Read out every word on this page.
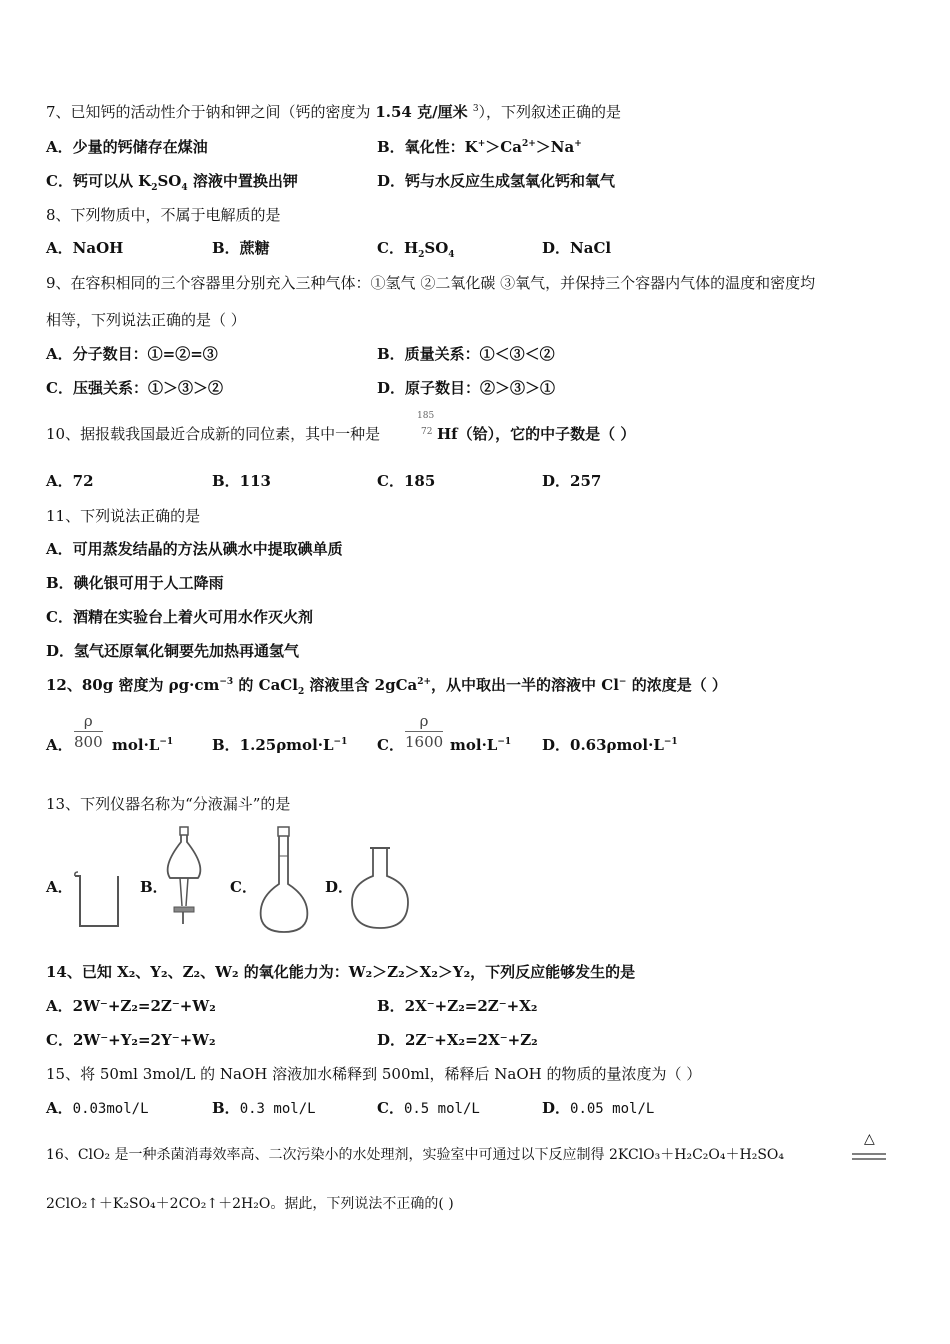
7、已知钙的活动性介于钠和钾之间（钙的密度为 1.54 克/厘米 $^3$），下列叙述正确的是
A．少量的钙储存在煤油	B．氧化性：$K^+>Ca^{2+}>Na^+$
C．钙可以从 $K_2SO_4$ 溶液中置换出钾	D．钙与水反应生成氢氧化钙和氧气
8、下列物质中，不属于电解质的是
A．NaOH	B．蔗糖	C．$H_2SO_4$	D．NaCl
9、在容积相同的三个容器里分别充入三种气体：①氢气 ②二氧化碳 ③氧气，并保持三个容器内气体的温度和密度均
相等，下列说法正确的是（ ）
A．分子数目：①=②=③	B．质量关系：①＜③＜②
C．压强关系：①＞③＞②	D．原子数目：②＞③＞①
10、据报载我国最近合成新的同位素，其中一种是
185
72 Hf（铪），它的中子数是（ ）
A．72	B．113	C．185	D．257
11、下列说法正确的是
A．可用蒸发结晶的方法从碘水中提取碘单质
B．碘化银可用于人工降雨
C．酒精在实验台上着火可用水作灭火剂
D．氢气还原氧化铜要先加热再通氢气
12、80g 密度为 $\rho g\cdot cm^{-3}$ 的 CaCl$_2$ 溶液里含 2gCa$^{2+}$，从中取出一半的溶液中 Cl− 的浓度是（ ）
A． $\frac{\rho}{800} mol\cdot L^{-1}$	B．$1.25\rho mol\cdot L^{-1}$ C． $\frac{\rho}{1600} mol\cdot L^{-1}$ D．$0.63\rho mol\cdot L^{-1}$
13、下列仪器名称为“分液漏斗”的是
A．	B．	C．	D．
14、已知 X₂、Y₂、Z₂、W₂ 的氧化能力为：W₂＞Z₂＞X₂＞Y₂，下列反应能够发生的是
A．2W⁻+Z₂=2Z⁻+W₂	B．2X⁻+Z₂=2Z⁻+X₂
C．2W⁻+Y₂=2Y⁻+W₂	D．2Z⁻+X₂=2X⁻+Z₂
15、将 50ml 3mol/L 的 NaOH 溶液加水稀释到 500ml，稀释后 NaOH 的物质的量浓度为（ ）
A．0.03mol/L	B．0.3 mol/L	C．0.5 mol/L	D．0.05 mol/L
16、ClO₂ 是一种杀菌消毒效率高、二次污染小的水处理剂，实验室中可通过以下反应制得 2KClO₃＋H₂C₂O₄＋H₂SO₄
△
2ClO₂↑＋K₂SO₄＋2CO₂↑＋2H₂O。据此，下列说法不正确的( )
